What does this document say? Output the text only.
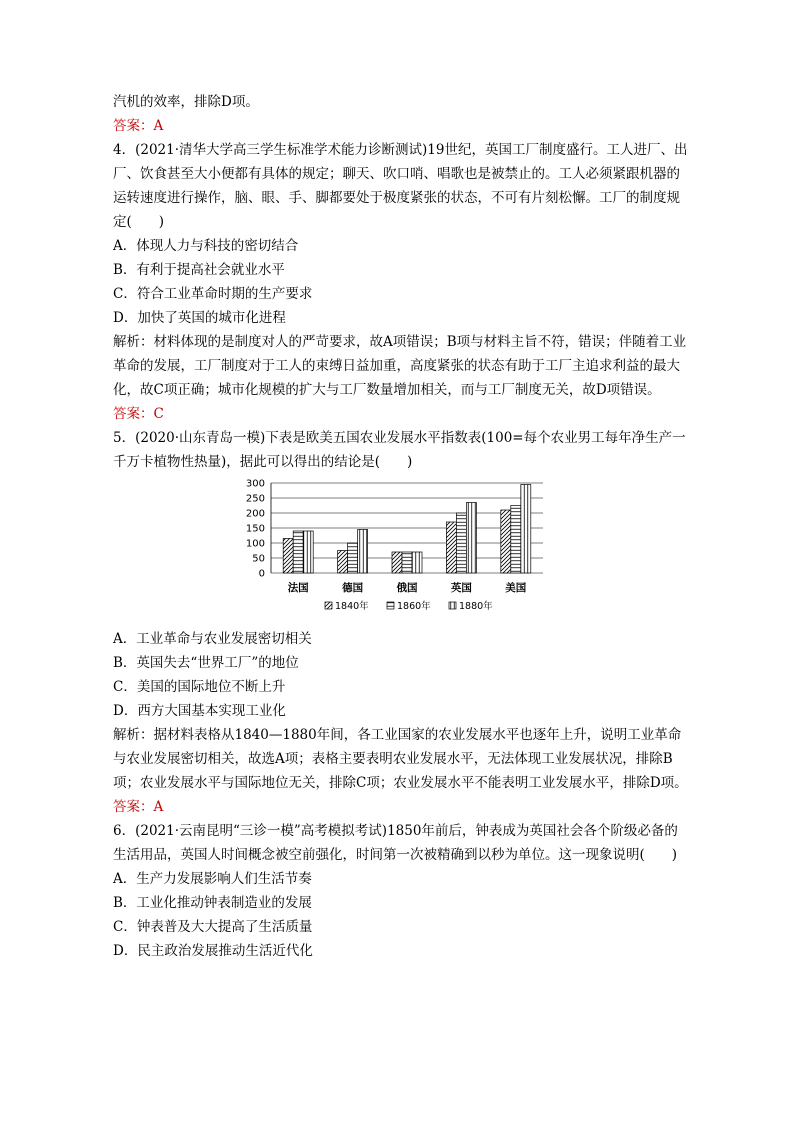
汽机的效率，排除D项。

答案：A

4．(2021·清华大学高三学生标准学术能力诊断测试)19世纪，英国工厂制度盛行。工人进厂、出厂、饮食甚至大小便都有具体的规定；聊天、吹口哨、唱歌也是被禁止的。工人必须紧跟机器的运转速度进行操作，脑、眼、手、脚都要处于极度紧张的状态，不可有片刻松懈。工厂的制度规定(　　)

A．体现人力与科技的密切结合

B．有利于提高社会就业水平

C．符合工业革命时期的生产要求

D．加快了英国的城市化进程

解析：材料体现的是制度对人的严苛要求，故A项错误；B项与材料主旨不符，错误；伴随着工业革命的发展，工厂制度对于工人的束缚日益加重，高度紧张的状态有助于工厂主追求利益的最大化，故C项正确；城市化规模的扩大与工厂数量增加相关，而与工厂制度无关，故D项错误。

答案：C

5．(2020·山东青岛一模)下表是欧美五国农业发展水平指数表(100=每个农业男工每年净生产一千万卡植物性热量)，据此可以得出的结论是(　　)

300
250
200
150
100
50
0
法国	德国	俄国	英国	美国
1840年	1860年	1880年

A．工业革命与农业发展密切相关

B．英国失去“世界工厂”的地位

C．美国的国际地位不断上升

D．西方大国基本实现工业化

解析：据材料表格从1840—1880年间，各工业国家的农业发展水平也逐年上升，说明工业革命与农业发展密切相关，故选A项；表格主要表明农业发展水平，无法体现工业发展状况，排除B项；农业发展水平与国际地位无关，排除C项；农业发展水平不能表明工业发展水平，排除D项。

答案：A

6．(2021·云南昆明“三诊一模”高考模拟考试)1850年前后，钟表成为英国社会各个阶级必备的生活用品，英国人时间概念被空前强化，时间第一次被精确到以秒为单位。这一现象说明(　　)

A．生产力发展影响人们生活节奏

B．工业化推动钟表制造业的发展

C．钟表普及大大提高了生活质量

D．民主政治发展推动生活近代化
